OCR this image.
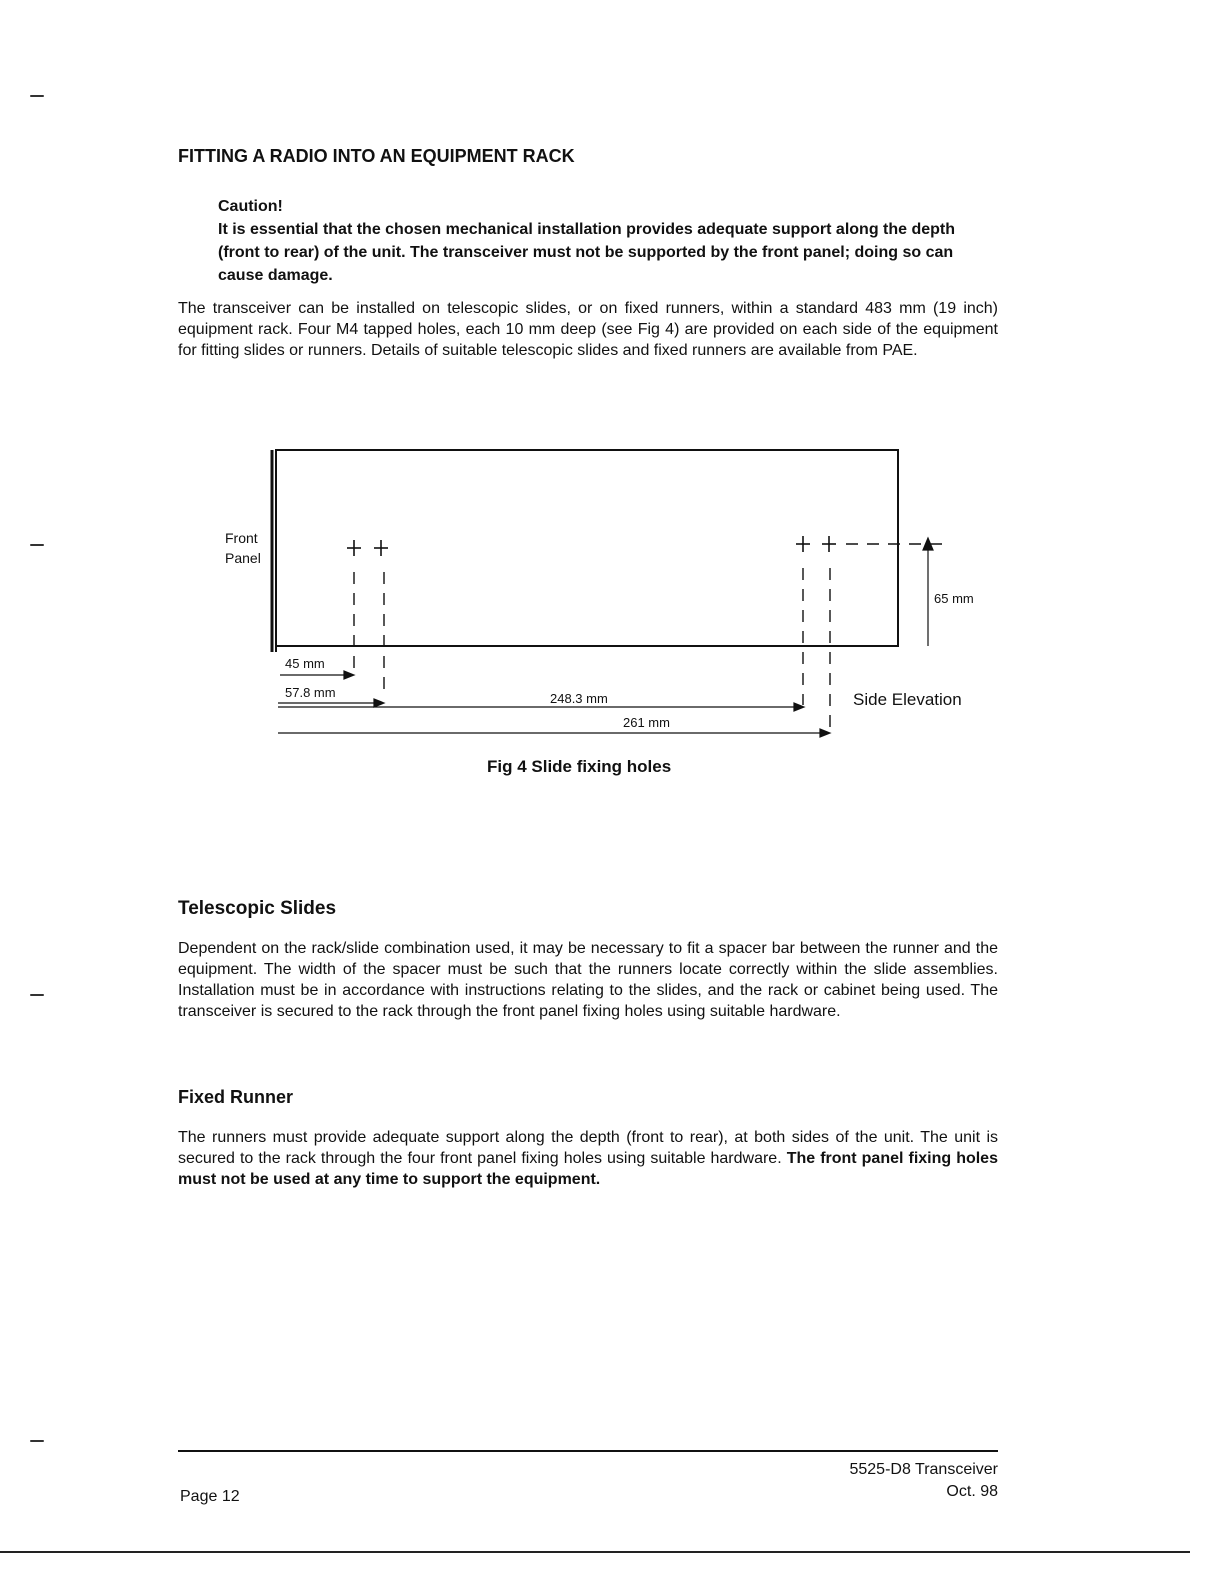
FITTING A RADIO INTO AN EQUIPMENT RACK
Caution!
It is essential that the chosen mechanical installation provides adequate support along the depth (front to rear) of the unit. The transceiver must not be supported by the front panel; doing so can cause damage.
The transceiver can be installed on telescopic slides, or on fixed runners, within a standard 483 mm (19 inch) equipment rack. Four M4 tapped holes, each 10 mm deep (see Fig 4) are provided on each side of the equipment for fitting slides or runners. Details of suitable telescopic slides and fixed runners are available from PAE.
Front
Panel
45 mm
57.8 mm	248.3 mm
261 mm
65 mm
Side Elevation
Fig 4 Slide fixing holes
Telescopic Slides
Dependent on the rack/slide combination used, it may be necessary to fit a spacer bar between the runner and the equipment. The width of the spacer must be such that the runners locate correctly within the slide assemblies. Installation must be in accordance with instructions relating to the slides, and the rack or cabinet being used. The transceiver is secured to the rack through the front panel fixing holes using suitable hardware.
Fixed Runner
The runners must provide adequate support along the depth (front to rear), at both sides of the unit. The unit is secured to the rack through the four front panel fixing holes using suitable hardware. The front panel fixing holes must not be used at any time to support the equipment.
5525-D8 Transceiver
Oct. 98
Page 12
